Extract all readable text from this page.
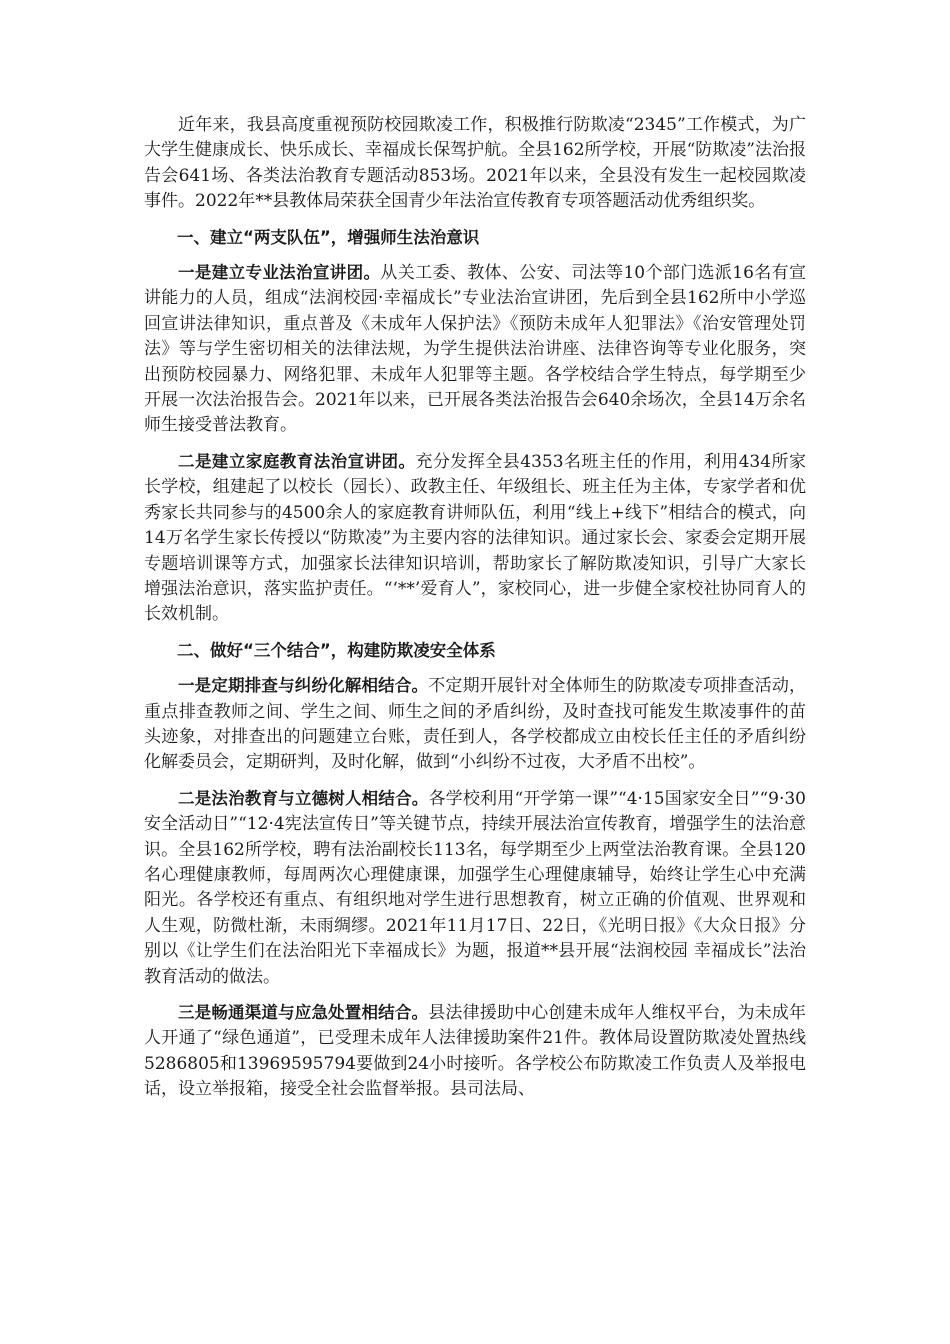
近年来，我县高度重视预防校园欺凌工作，积极推行防欺凌“2345”工作模式，为广大学生健康成长、快乐成长、幸福成长保驾护航。全县162所学校，开展“防欺凌”法治报告会641场、各类法治教育专题活动853场。2021年以来，全县没有发生一起校园欺凌事件。2022年**县教体局荣获全国青少年法治宣传教育专项答题活动优秀组织奖。

一、建立“两支队伍”，增强师生法治意识

一是建立专业法治宣讲团。从关工委、教体、公安、司法等10个部门选派16名有宣讲能力的人员，组成“法润校园·幸福成长”专业法治宣讲团，先后到全县162所中小学巡回宣讲法律知识，重点普及《未成年人保护法》《预防未成年人犯罪法》《治安管理处罚法》等与学生密切相关的法律法规，为学生提供法治讲座、法律咨询等专业化服务，突出预防校园暴力、网络犯罪、未成年人犯罪等主题。各学校结合学生特点，每学期至少开展一次法治报告会。2021年以来，已开展各类法治报告会640余场次，全县14万余名师生接受普法教育。

二是建立家庭教育法治宣讲团。充分发挥全县4353名班主任的作用，利用434所家长学校，组建起了以校长（园长）、政教主任、年级组长、班主任为主体，专家学者和优秀家长共同参与的4500余人的家庭教育讲师队伍，利用“线上+线下”相结合的模式，向14万名学生家长传授以“防欺凌”为主要内容的法律知识。通过家长会、家委会定期开展专题培训课等方式，加强家长法律知识培训，帮助家长了解防欺凌知识，引导广大家长增强法治意识，落实监护责任。“‘**’爱育人”，家校同心，进一步健全家校社协同育人的长效机制。

二、做好“三个结合”，构建防欺凌安全体系

一是定期排查与纠纷化解相结合。不定期开展针对全体师生的防欺凌专项排查活动，重点排查教师之间、学生之间、师生之间的矛盾纠纷，及时查找可能发生欺凌事件的苗头迹象，对排查出的问题建立台账，责任到人，各学校都成立由校长任主任的矛盾纠纷化解委员会，定期研判，及时化解，做到“小纠纷不过夜，大矛盾不出校”。

二是法治教育与立德树人相结合。各学校利用“开学第一课”“4·15国家安全日”“9·30安全活动日”“12·4宪法宣传日”等关键节点，持续开展法治宣传教育，增强学生的法治意识。全县162所学校，聘有法治副校长113名，每学期至少上两堂法治教育课。全县120名心理健康教师，每周两次心理健康课，加强学生心理健康辅导，始终让学生心中充满阳光。各学校还有重点、有组织地对学生进行思想教育，树立正确的价值观、世界观和人生观，防微杜渐，未雨绸缪。2021年11月17日、22日，《光明日报》《大众日报》分别以《让学生们在法治阳光下幸福成长》为题，报道**县开展“法润校园 幸福成长”法治教育活动的做法。

三是畅通渠道与应急处置相结合。县法律援助中心创建未成年人维权平台，为未成年人开通了“绿色通道”，已受理未成年人法律援助案件21件。教体局设置防欺凌处置热线5286805和13969595794要做到24小时接听。各学校公布防欺凌工作负责人及举报电话，设立举报箱，接受全社会监督举报。县司法局、
